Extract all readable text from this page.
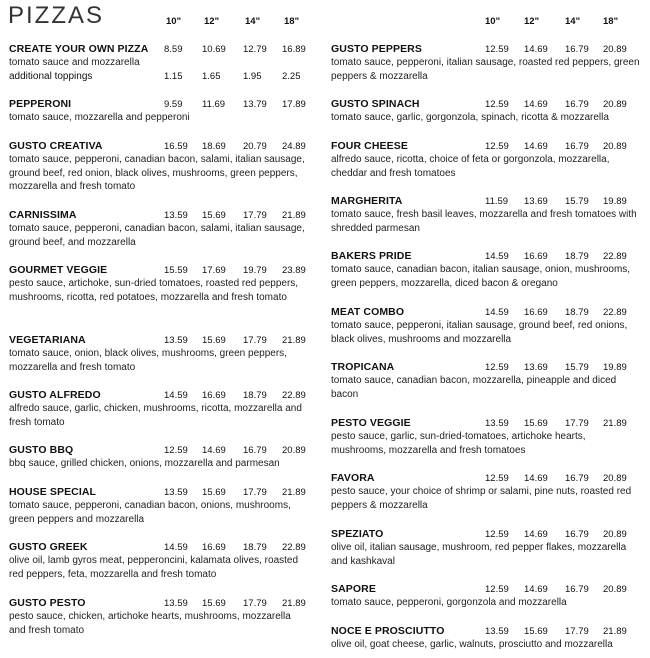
PIZZAS	10" 12"	14"	18"
CREATE YOUR OWN PIZZA 8.59 10.69 12.79 16.89
tomato sauce and mozzarella
additional toppings	1.15 1.65 1.95 2.25
PEPPERONI	9.59 11.69 13.79 17.89
tomato sauce, mozzarella and pepperoni
GUSTO CREATIVA	16.59 18.69 20.79 24.89
tomato sauce, pepperoni, canadian bacon, salami, italian sausage, ground beef, red onion, black olives, mushrooms, green peppers, mozzarella and fresh tomato
CARNISSIMA	13.59 15.69 17.79 21.89
tomato sauce, pepperoni, canadian bacon, salami, italian sausage, ground beef, and mozzarella
GOURMET VEGGIE	15.59 17.69 19.79 23.89
pesto sauce, artichoke, sun-dried tomatoes, roasted red peppers, mushrooms, ricotta, red potatoes, mozzarella and fresh tomato
VEGETARIANA	13.59 15.69 17.79 21.89
tomato sauce, onion, black olives, mushrooms, green peppers, mozzarella and fresh tomato
GUSTO ALFREDO	14.59 16.69 18.79 22.89
alfredo sauce, garlic, chicken, mushrooms, ricotta, mozzarella and fresh tomato
GUSTO BBQ	12.59 14.69 16.79 20.89
bbq sauce, grilled chicken, onions, mozzarella and parmesan
HOUSE SPECIAL	13.59 15.69 17.79 21.89
tomato sauce, pepperoni, canadian bacon, onions, mushrooms, green peppers and mozzarella
GUSTO GREEK	14.59 16.69 18.79 22.89
olive oil, lamb gyros meat, pepperoncini, kalamata olives, roasted red peppers, feta, mozzarella and fresh tomato
GUSTO PESTO	13.59 15.69 17.79 21.89
pesto sauce, chicken, artichoke hearts, mushrooms, mozzarella and fresh tomato
10"	12"	14" 18"
GUSTO PEPPERS	12.59 14.69 16.79 20.89
tomato sauce, pepperoni, italian sausage, roasted red peppers, green peppers & mozzarella
GUSTO SPINACH	12.59 14.69 16.79 20.89
tomato sauce, garlic, gorgonzola, spinach, ricotta & mozzarella
FOUR CHEESE	12.59 14.69 16.79 20.89
alfredo sauce, ricotta, choice of feta or gorgonzola, mozzarella, cheddar and fresh tomatoes
MARGHERITA	11.59 13.69 15.79 19.89
tomato sauce, fresh basil leaves, mozzarella and fresh tomatoes with shredded parmesan
BAKERS PRIDE	14.59 16.69 18.79 22.89
tomato sauce, canadian bacon, italian sausage, onion, mushrooms, green peppers, mozzarella, diced bacon & oregano
MEAT COMBO	14.59 16.69 18.79 22.89
tomato sauce, pepperoni, italian sausage, ground beef, red onions, black olives, mushrooms and mozzarella
TROPICANA	12.59 13.69 15.79 19.89
tomato sauce, canadian bacon, mozzarella, pineapple and diced bacon
PESTO VEGGIE	13.59 15.69 17.79 21.89
pesto sauce, garlic, sun-dried-tomatoes, artichoke hearts, mushrooms, mozzarella and fresh tomatoes
FAVORA	12.59 14.69 16.79 20.89
pesto sauce, your choice of shrimp or salami, pine nuts, roasted red peppers & mozzarella
SPEZIATO	12.59 14.69 16.79 20.89
olive oil, italian sausage, mushroom, red pepper flakes, mozzarella and kashkaval
SAPORE	12.59 14.69 16.79 20.89
tomato sauce, pepperoni, gorgonzola and mozzarella
NOCE E PROSCIUTTO	13.59 15.69 17.79 21.89
olive oil, goat cheese, garlic, walnuts, prosciutto and mozzarella
